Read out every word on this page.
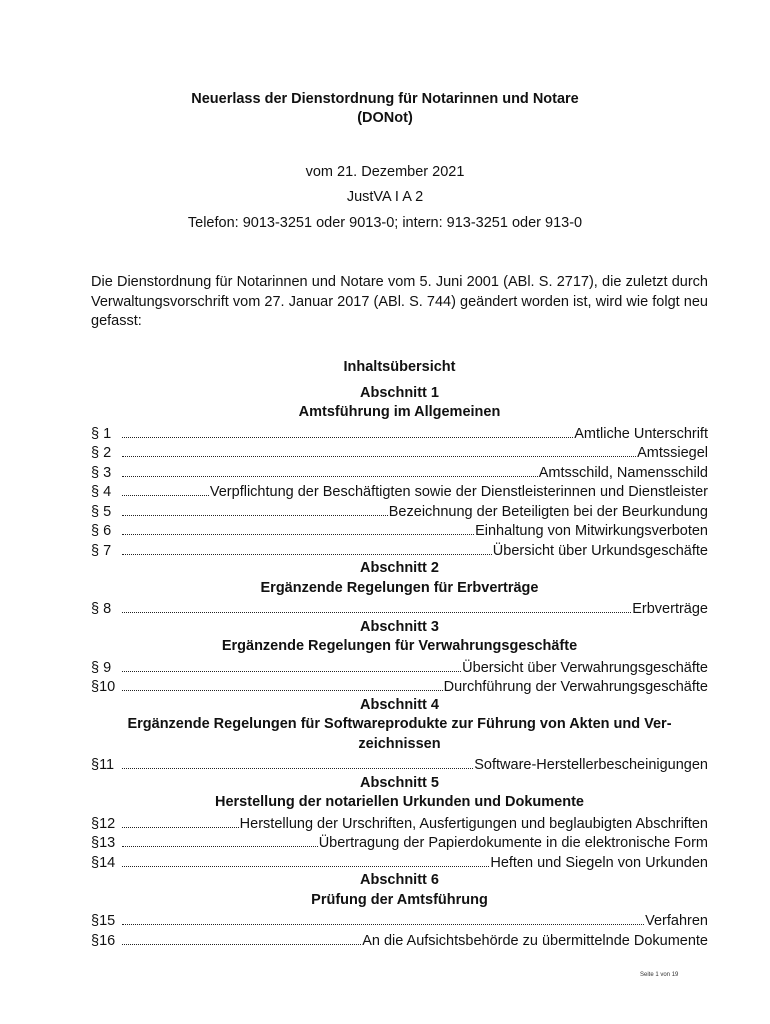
Neuerlass der Dienstordnung für Notarinnen und Notare
(DONot)
vom 21. Dezember 2021
JustVA I A 2
Telefon: 9013-3251 oder 9013-0; intern: 913-3251 oder 913-0
Die Dienstordnung für Notarinnen und Notare vom 5. Juni 2001 (ABl. S. 2717), die zuletzt durch Verwaltungsvorschrift vom 27. Januar 2017 (ABl. S. 744) geändert worden ist, wird wie folgt neu gefasst:
Inhaltsübersicht
Abschnitt 1
Amtsführung im Allgemeinen
§ 1	Amtliche Unterschrift
§ 2	Amtssiegel
§ 3	Amtsschild, Namensschild
§ 4	Verpflichtung der Beschäftigten sowie der Dienstleisterinnen und Dienstleister
§ 5	Bezeichnung der Beteiligten bei der Beurkundung
§ 6	Einhaltung von Mitwirkungsverboten
§ 7	Übersicht über Urkundsgeschäfte
Abschnitt 2
Ergänzende Regelungen für Erbverträge
§ 8	Erbverträge
Abschnitt 3
Ergänzende Regelungen für Verwahrungsgeschäfte
§ 9	Übersicht über Verwahrungsgeschäfte
§10	Durchführung der Verwahrungsgeschäfte
Abschnitt 4
Ergänzende Regelungen für Softwareprodukte zur Führung von Akten und Ver-
zeichnissen
§11	Software-Herstellerbescheinigungen
Abschnitt 5
Herstellung der notariellen Urkunden und Dokumente
§12	Herstellung der Urschriften, Ausfertigungen und beglaubigten Abschriften
§13	Übertragung der Papierdokumente in die elektronische Form
§14	Heften und Siegeln von Urkunden
Abschnitt 6
Prüfung der Amtsführung
§15	Verfahren
§16	An die Aufsichtsbehörde zu übermittelnde Dokumente
Seite 1 von 19
